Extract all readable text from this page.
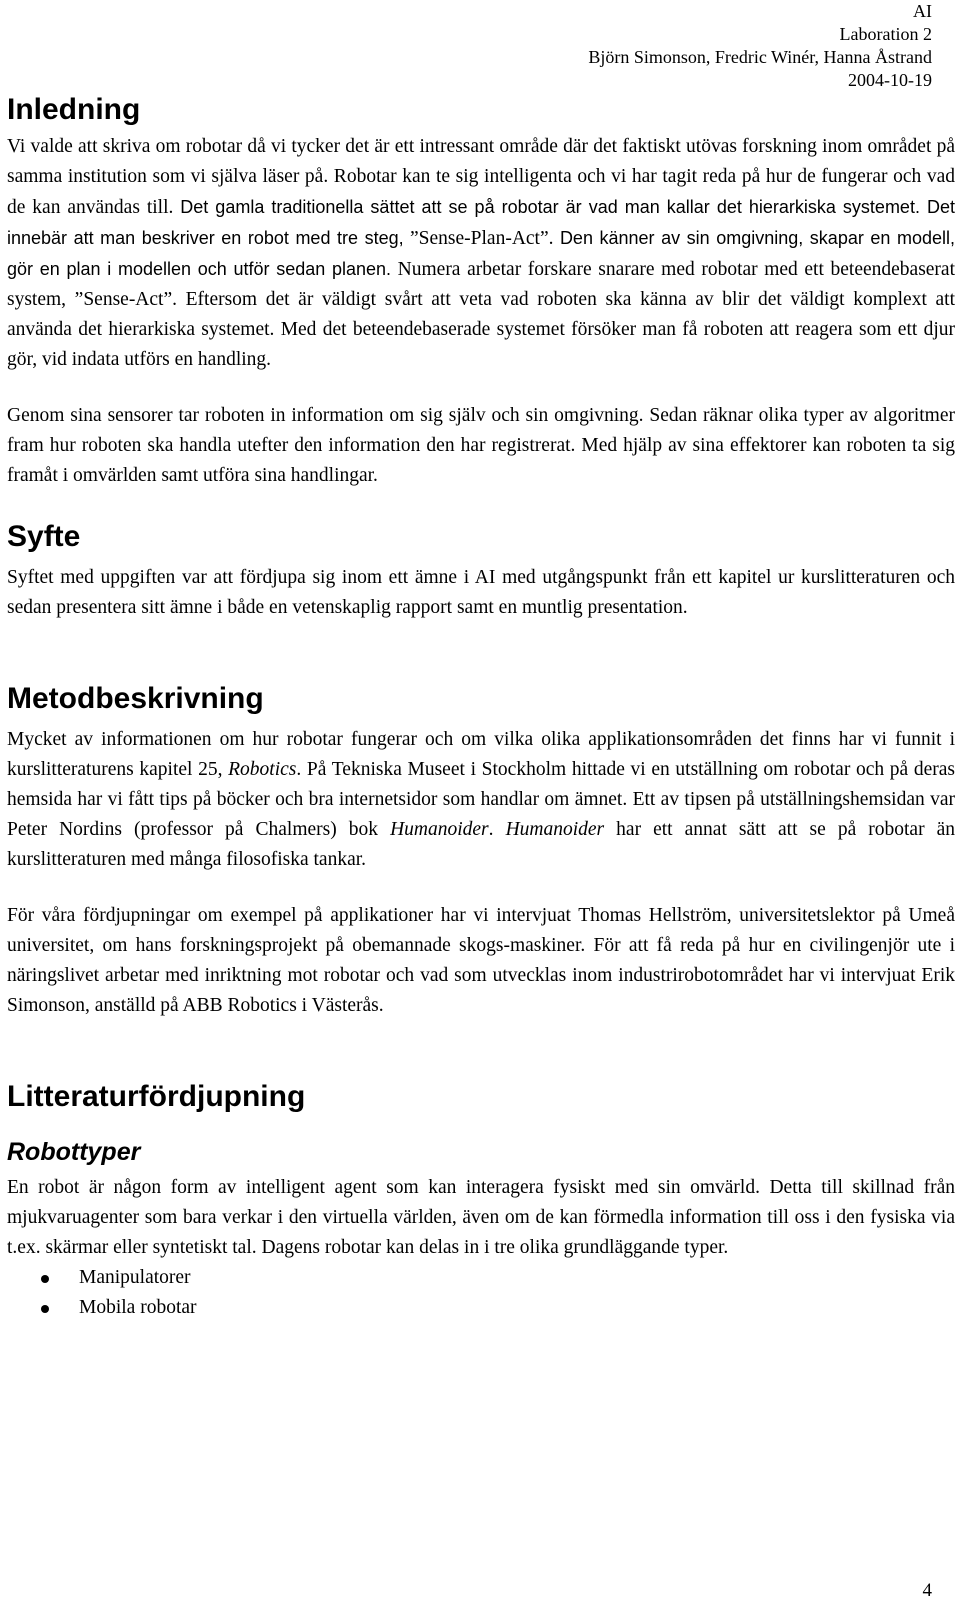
AI
Laboration 2
Björn Simonson, Fredric Winér, Hanna Åstrand
2004-10-19
Inledning

Vi valde att skriva om robotar då vi tycker det är ett intressant område där det faktiskt utövas forskning inom området på samma institution som vi själva läser på. Robotar kan te sig intelligenta och vi har tagit reda på hur de fungerar och vad de kan användas till. Det gamla traditionella sättet att se på robotar är vad man kallar det hierarkiska systemet. Det innebär att man beskriver en robot med tre steg, ”Sense-Plan-Act”. Den känner av sin omgivning, skapar en modell, gör en plan i modellen och utför sedan planen. Numera arbetar forskare snarare med robotar med ett beteendebaserat system, ”Sense-Act”. Eftersom det är väldigt svårt att veta vad roboten ska känna av blir det väldigt komplext att använda det hierarkiska systemet. Med det beteendebaserade systemet försöker man få roboten att reagera som ett djur gör, vid indata utförs en handling.

Genom sina sensorer tar roboten in information om sig själv och sin omgivning. Sedan räknar olika typer av algoritmer fram hur roboten ska handla utefter den information den har registrerat. Med hjälp av sina effektorer kan roboten ta sig framåt i omvärlden samt utföra sina handlingar.

Syfte

Syftet med uppgiften var att fördjupa sig inom ett ämne i AI med utgångspunkt från ett kapitel ur kurslitteraturen och sedan presentera sitt ämne i både en vetenskaplig rapport samt en muntlig presentation.

Metodbeskrivning

Mycket av informationen om hur robotar fungerar och om vilka olika applikationsområden det finns har vi funnit i kurslitteraturens kapitel 25, Robotics. På Tekniska Museet i Stockholm hittade vi en utställning om robotar och på deras hemsida har vi fått tips på böcker och bra internetsidor som handlar om ämnet. Ett av tipsen på utställningshemsidan var Peter Nordins (professor på Chalmers) bok Humanoider. Humanoider har ett annat sätt att se på robotar än kurslitteraturen med många filosofiska tankar.

För våra fördjupningar om exempel på applikationer har vi intervjuat Thomas Hellström, universitetslektor på Umeå universitet, om hans forskningsprojekt på obemannade skogs-maskiner. För att få reda på hur en civilingenjör ute i näringslivet arbetar med inriktning mot robotar och vad som utvecklas inom industrirobotområdet har vi intervjuat Erik Simonson, anställd på ABB Robotics i Västerås.

Litteraturfördjupning
Robottyper

En robot är någon form av intelligent agent som kan interagera fysiskt med sin omvärld. Detta till skillnad från mjukvaruagenter som bara verkar i den virtuella världen, även om de kan förmedla information till oss i den fysiska via t.ex. skärmar eller syntetiskt tal. Dagens robotar kan delas in i tre olika grundläggande typer.

Manipulatorer
Mobila robotar
4
